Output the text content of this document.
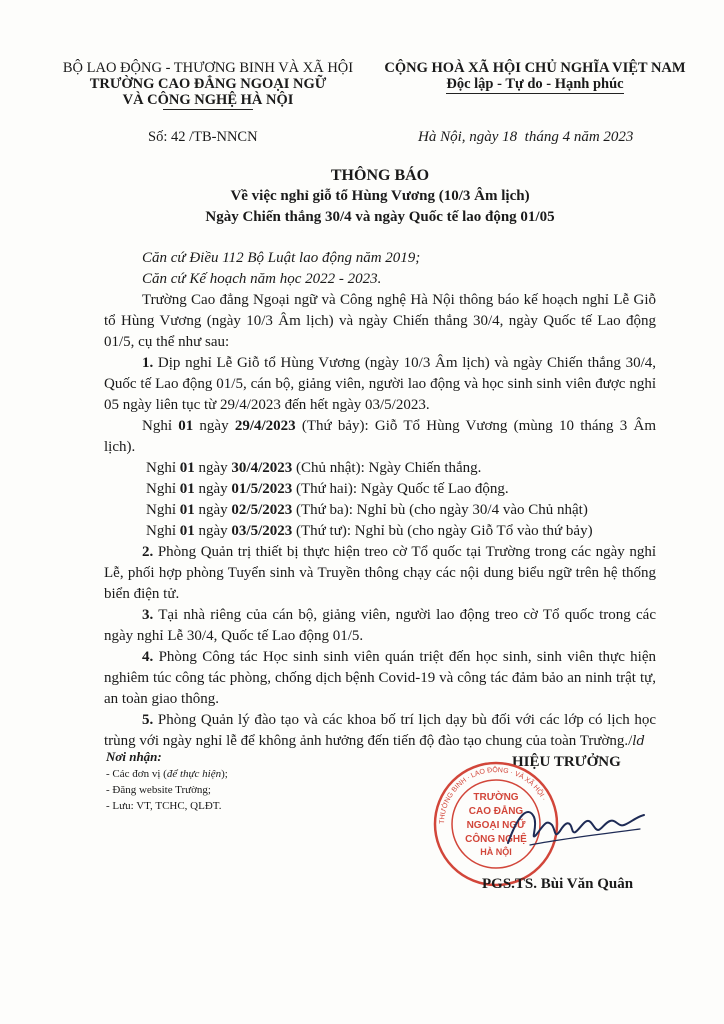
BỘ LAO ĐỘNG - THƯƠNG BINH VÀ XÃ HỘI
TRƯỜNG CAO ĐẲNG NGOẠI NGỮ
VÀ CÔNG NGHỆ HÀ NỘI
CỘNG HOÀ XÃ HỘI CHỦ NGHĨA VIỆT NAM
Độc lập - Tự do - Hạnh phúc
Số: 42 /TB-NNCN	Hà Nội, ngày 18  tháng 4 năm 2023
THÔNG BÁO
Về việc nghỉ giỗ tổ Hùng Vương (10/3 Âm lịch)
Ngày Chiến thắng 30/4 và ngày Quốc tế lao động 01/05
Căn cứ Điều 112 Bộ Luật lao động năm 2019;
Căn cứ Kế hoạch năm học 2022 - 2023.
Trường Cao đẳng Ngoại ngữ và Công nghệ Hà Nội thông báo kế hoạch nghỉ Lễ Giỗ tổ Hùng Vương (ngày 10/3 Âm lịch) và ngày Chiến thắng 30/4, ngày Quốc tế Lao động 01/5, cụ thể như sau:
1. Dịp nghỉ Lễ Giỗ tổ Hùng Vương (ngày 10/3 Âm lịch) và ngày Chiến thắng 30/4, Quốc tế Lao động 01/5, cán bộ, giảng viên, người lao động và học sinh sinh viên được nghỉ 05 ngày liên tục từ 29/4/2023 đến hết ngày 03/5/2023.
Nghỉ 01 ngày 29/4/2023 (Thứ bảy): Giỗ Tổ Hùng Vương (mùng 10 tháng 3 Âm lịch).
Nghỉ 01 ngày 30/4/2023 (Chủ nhật): Ngày Chiến thắng.
Nghỉ 01 ngày 01/5/2023 (Thứ hai): Ngày Quốc tế Lao động.
Nghỉ 01 ngày 02/5/2023 (Thứ ba): Nghỉ bù (cho ngày 30/4 vào Chủ nhật)
Nghỉ 01 ngày 03/5/2023 (Thứ tư): Nghỉ bù (cho ngày Giỗ Tổ vào thứ bảy)
2. Phòng Quản trị thiết bị thực hiện treo cờ Tổ quốc tại Trường trong các ngày nghỉ Lễ, phối hợp phòng Tuyển sinh và Truyền thông chạy các nội dung biểu ngữ trên hệ thống biển điện tử.
3. Tại nhà riêng của cán bộ, giảng viên, người lao động treo cờ Tổ quốc trong các ngày nghỉ Lễ 30/4, Quốc tế Lao động 01/5.
4. Phòng Công tác Học sinh sinh viên quán triệt đến học sinh, sinh viên thực hiện nghiêm túc công tác phòng, chống dịch bệnh Covid-19 và công tác đảm bảo an ninh trật tự, an toàn giao thông.
5. Phòng Quản lý đào tạo và các khoa bố trí lịch dạy bù đối với các lớp có lịch học trùng với ngày nghỉ lễ để không ảnh hưởng đến tiến độ đào tạo chung của toàn Trường./ld
Nơi nhận:
- Các đơn vị (để thực hiện);
- Đăng website Trường;
- Lưu: VT, TCHC, QLĐT.
HIỆU TRƯỞNG
THƯỜNG BINH · LAO ĐỘNG · VÀ XÃ HỘI ·
TRƯỜNG
CAO ĐẲNG
NGOẠI NGỮ
CÔNG NGHỆ
HÀ NỘI
PGS.TS. Bùi Văn Quân
